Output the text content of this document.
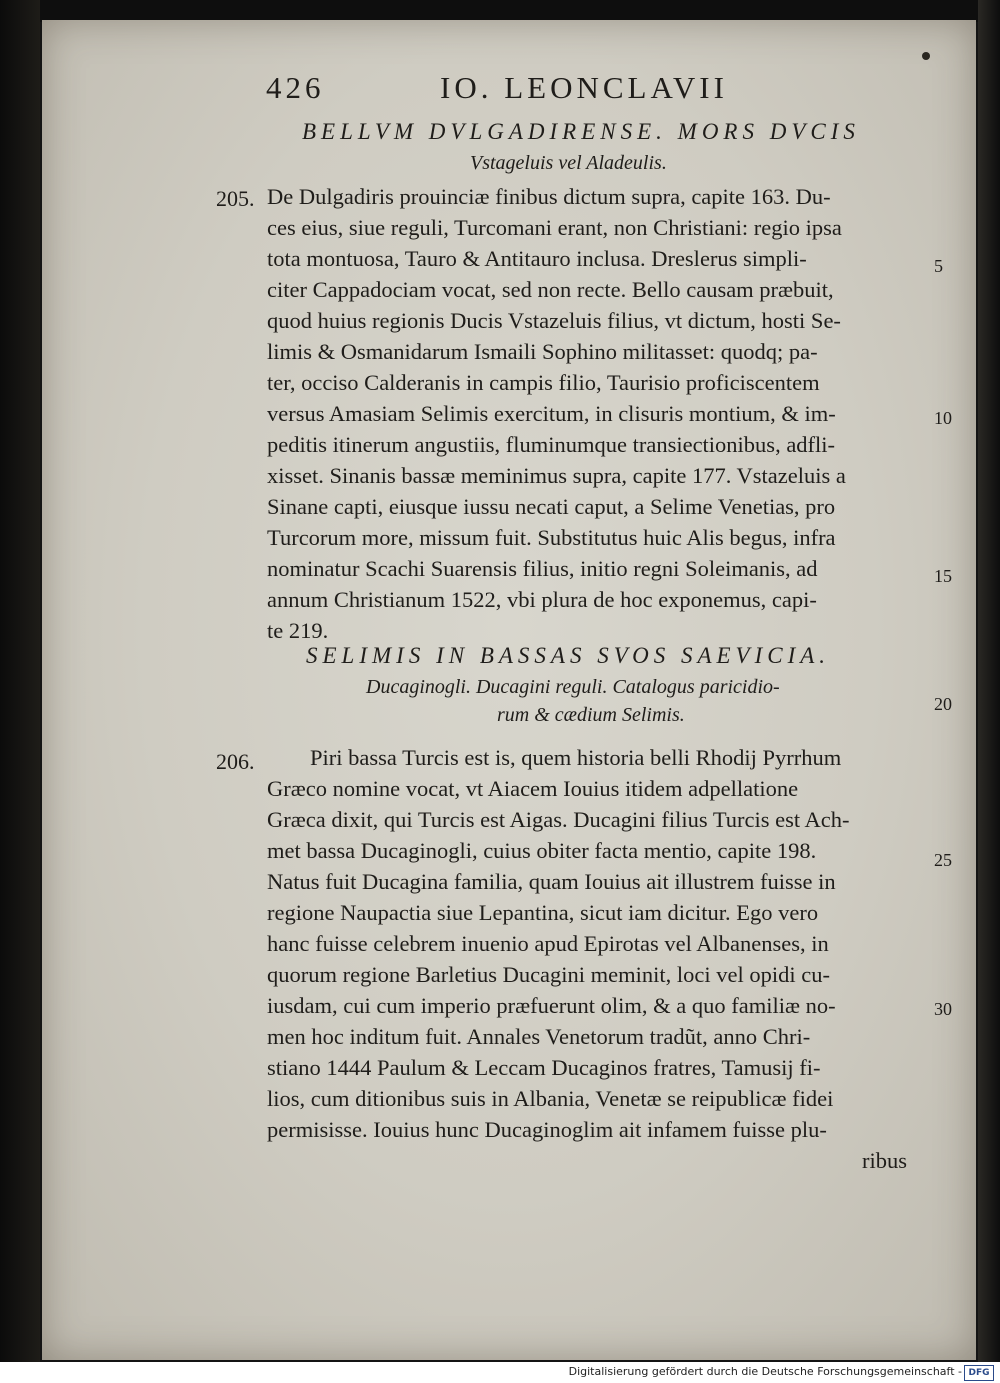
426	IO. LEONCLAVII
BELLVM DVLGADIRENSE. MORS DVCIS
Vstageluis vel Aladeulis.
205. De Dulgadiris prouinciæ finibus dictum supra, capite 163. Du-
ces eius, siue reguli, Turcomani erant, non Christiani: regio ipsa
tota montuosa, Tauro & Antitauro inclusa. Dreslerus simpli-
citer Cappadociam vocat, sed non recte. Bello causam præbuit,
quod huius regionis Ducis Vstazeluis filius, vt dictum, hosti Se-
limis & Osmanidarum Ismaili Sophino militasset: quodq; pa-
ter, occiso Calderanis in campis filio, Taurisio proficiscentem
versus Amasiam Selimis exercitum, in clisuris montium, & im-
peditis itinerum angustiis, fluminumque transiectionibus, adfli-
xisset. Sinanis bassæ meminimus supra, capite 177. Vstazeluis a
Sinane capti, eiusque iussu necati caput, a Selime Venetias, pro
Turcorum more, missum fuit. Substitutus huic Alis begus, infra
nominatur Scachi Suarensis filius, initio regni Soleimanis, ad
annum Christianum 1522, vbi plura de hoc exponemus, capi-
te 219.
SELIMIS IN BASSAS SVOS SAEVICIA.
Ducaginogli. Ducagini reguli. Catalogus paricidio-
rum & cædium Selimis.
206. Piri bassa Turcis est is, quem historia belli Rhodij Pyrrhum
Græco nomine vocat, vt Aiacem Iouius itidem adpellatione
Græca dixit, qui Turcis est Aigas. Ducagini filius Turcis est Ach-
met bassa Ducaginogli, cuius obiter facta mentio, capite 198.
Natus fuit Ducagina familia, quam Iouius ait illustrem fuisse in
regione Naupactia siue Lepantina, sicut iam dicitur. Ego vero
hanc fuisse celebrem inuenio apud Epirotas vel Albanenses, in
quorum regione Barletius Ducagini meminit, loci vel opidi cu-
iusdam, cui cum imperio præfuerunt olim, & a quo familiæ no-
men hoc inditum fuit. Annales Venetorum tradũt, anno Chri-
stiano 1444 Paulum & Leccam Ducaginos fratres, Tamusij fi-
lios, cum ditionibus suis in Albania, Venetæ se reipublicæ fidei
permisisse. Iouius hunc Ducaginoglim ait infamem fuisse plu-
ribus
5
10
15
20
25
30
Digitalisierung gefördert durch die Deutsche Forschungsgemeinschaft - DFG
